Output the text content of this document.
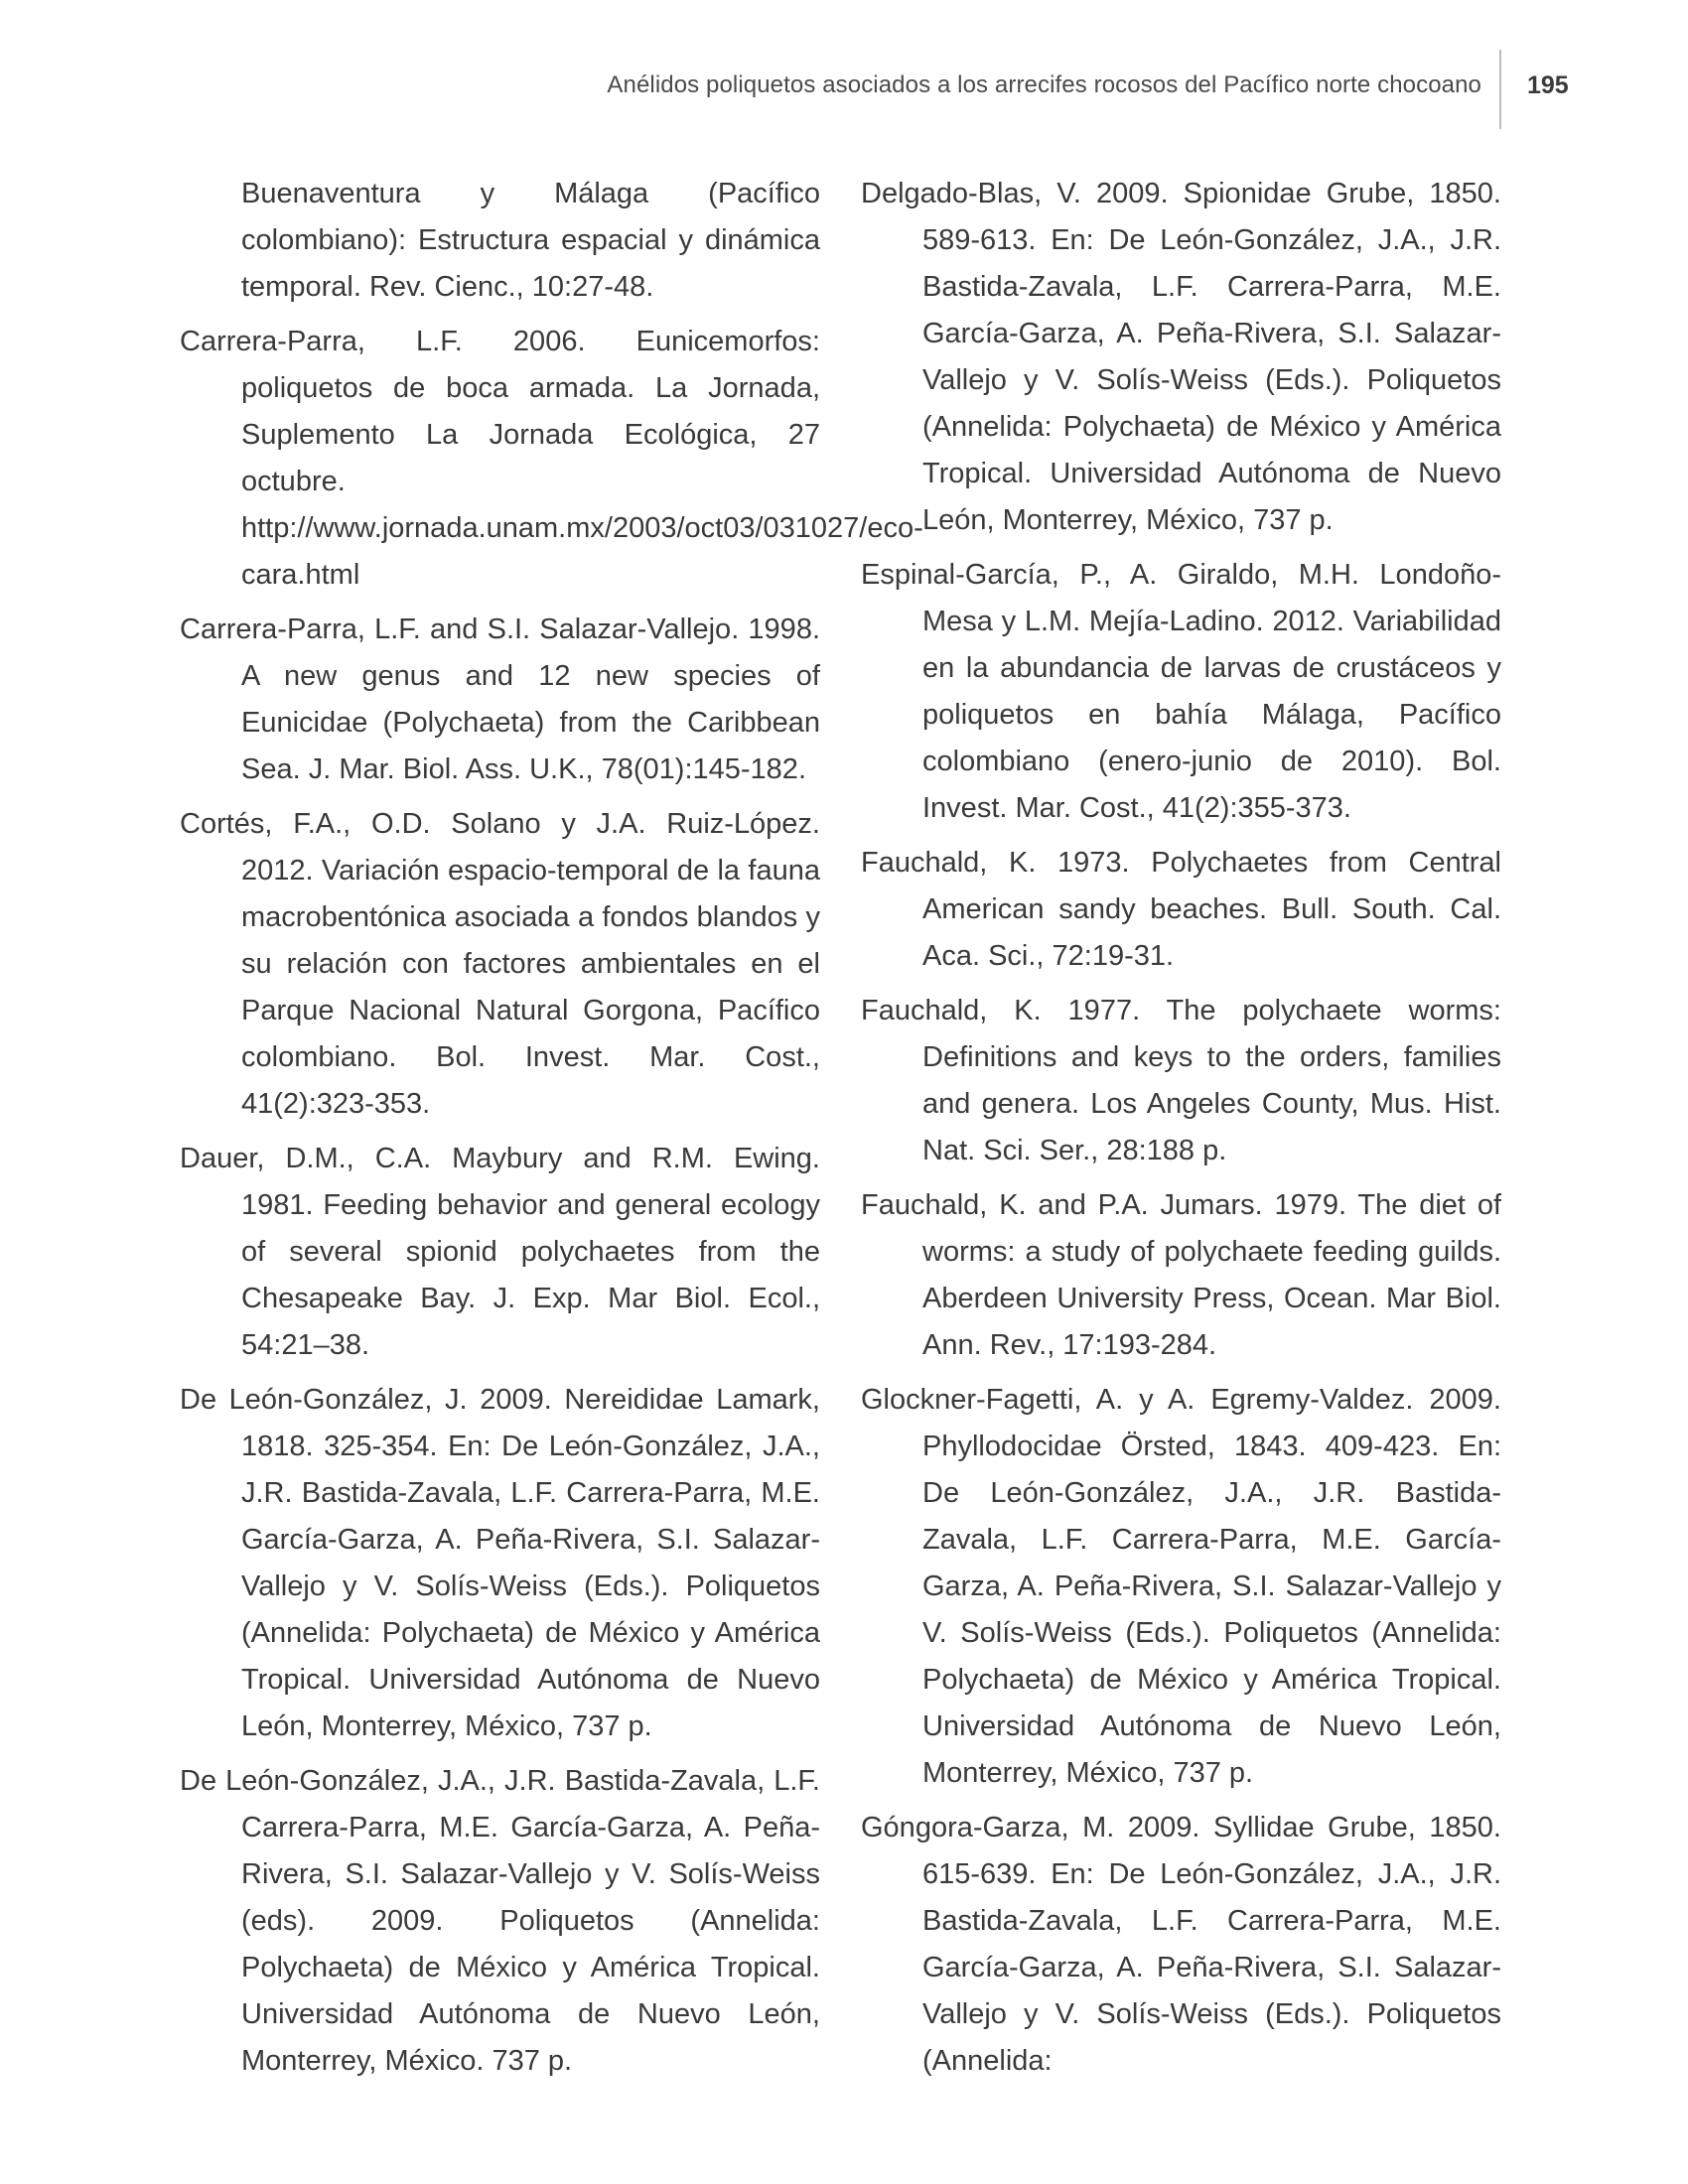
Anélidos poliquetos asociados a los arrecifes rocosos del Pacífico norte chocoano 195

Buenaventura y Málaga (Pacífico colombiano): Estructura espacial y dinámica temporal. Rev. Cienc., 10:27-48.

Carrera-Parra, L.F. 2006. Eunicemorfos: poliquetos de boca armada. La Jornada, Suplemento La Jornada Ecológica, 27 octubre. http://www.jornada.unam.mx/2003/oct03/031027/eco-cara.html

Carrera-Parra, L.F. and S.I. Salazar-Vallejo. 1998. A new genus and 12 new species of Eunicidae (Polychaeta) from the Caribbean Sea. J. Mar. Biol. Ass. U.K., 78(01):145-182.

Cortés, F.A., O.D. Solano y J.A. Ruiz-López. 2012. Variación espacio-temporal de la fauna macrobentónica asociada a fondos blandos y su relación con factores ambientales en el Parque Nacional Natural Gorgona, Pacífico colombiano. Bol. Invest. Mar. Cost., 41(2):323-353.

Dauer, D.M., C.A. Maybury and R.M. Ewing. 1981. Feeding behavior and general ecology of several spionid polychaetes from the Chesapeake Bay. J. Exp. Mar Biol. Ecol., 54:21–38.

De León-González, J. 2009. Nereididae Lamark, 1818. 325-354. En: De León-González, J.A., J.R. Bastida-Zavala, L.F. Carrera-Parra, M.E. García-Garza, A. Peña-Rivera, S.I. Salazar-Vallejo y V. Solís-Weiss (Eds.). Poliquetos (Annelida: Polychaeta) de México y América Tropical. Universidad Autónoma de Nuevo León, Monterrey, México, 737 p.

De León-González, J.A., J.R. Bastida-Zavala, L.F. Carrera-Parra, M.E. García-Garza, A. Peña-Rivera, S.I. Salazar-Vallejo y V. Solís-Weiss (eds). 2009. Poliquetos (Annelida: Polychaeta) de México y América Tropical. Universidad Autónoma de Nuevo León, Monterrey, México. 737 p.

Delgado-Blas, V. 2009. Spionidae Grube, 1850. 589-613. En: De León-González, J.A., J.R. Bastida-Zavala, L.F. Carrera-Parra, M.E. García-Garza, A. Peña-Rivera, S.I. Salazar-Vallejo y V. Solís-Weiss (Eds.). Poliquetos (Annelida: Polychaeta) de México y América Tropical. Universidad Autónoma de Nuevo León, Monterrey, México, 737 p.

Espinal-García, P., A. Giraldo, M.H. Londoño-Mesa y L.M. Mejía-Ladino. 2012. Variabilidad en la abundancia de larvas de crustáceos y poliquetos en bahía Málaga, Pacífico colombiano (enero-junio de 2010). Bol. Invest. Mar. Cost., 41(2):355-373.

Fauchald, K. 1973. Polychaetes from Central American sandy beaches. Bull. South. Cal. Aca. Sci., 72:19-31.

Fauchald, K. 1977. The polychaete worms: Definitions and keys to the orders, families and genera. Los Angeles County, Mus. Hist. Nat. Sci. Ser., 28:188 p.

Fauchald, K. and P.A. Jumars. 1979. The diet of worms: a study of polychaete feeding guilds. Aberdeen University Press, Ocean. Mar Biol. Ann. Rev., 17:193-284.

Glockner-Fagetti, A. y A. Egremy-Valdez. 2009. Phyllodocidae Örsted, 1843. 409-423. En: De León-González, J.A., J.R. Bastida-Zavala, L.F. Carrera-Parra, M.E. García-Garza, A. Peña-Rivera, S.I. Salazar-Vallejo y V. Solís-Weiss (Eds.). Poliquetos (Annelida: Polychaeta) de México y América Tropical. Universidad Autónoma de Nuevo León, Monterrey, México, 737 p.

Góngora-Garza, M. 2009. Syllidae Grube, 1850. 615-639. En: De León-González, J.A., J.R. Bastida-Zavala, L.F. Carrera-Parra, M.E. García-Garza, A. Peña-Rivera, S.I. Salazar-Vallejo y V. Solís-Weiss (Eds.). Poliquetos (Annelida:
